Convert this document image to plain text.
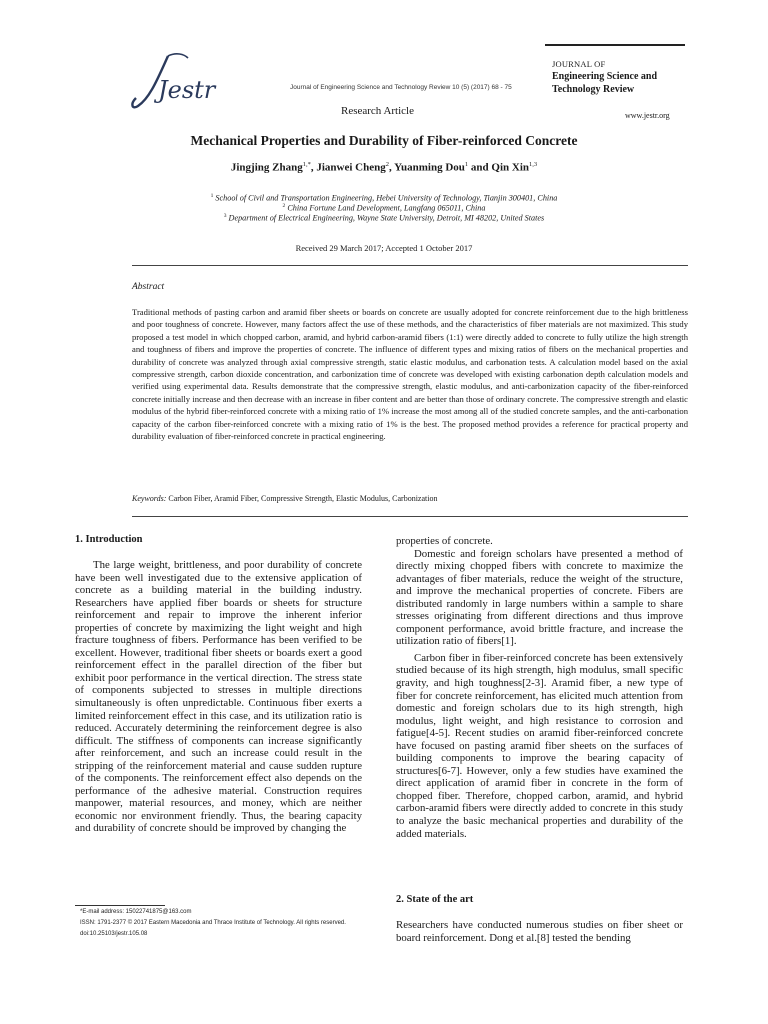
Jestr	Journal of Engineering Science and Technology Review 10 (5) (2017) 68 - 75
Research Article
JOURNAL OF
Engineering Science and
Technology Review
www.jestr.org
Mechanical Properties and Durability of Fiber-reinforced Concrete
Jingjing Zhang$^{1,*}$, Jianwei Cheng$^2$, Yuanming Dou$^1$ and Qin Xin$^{1,3}$
$^1$ School of Civil and Transportation Engineering, Hebei University of Technology, Tianjin 300401, China
$^2$ China Fortune Land Development, Langfang 065011, China
$^3$ Department of Electrical Engineering, Wayne State University, Detroit, MI 48202, United States
Received 29 March 2017; Accepted 1 October 2017
Abstract
Traditional methods of pasting carbon and aramid fiber sheets or boards on concrete are usually adopted for concrete reinforcement due to the high brittleness and poor toughness of concrete. However, many factors affect the use of these methods, and the characteristics of fiber materials are not maximized. This study proposed a test model in which chopped carbon, aramid, and hybrid carbon-aramid fibers (1:1) were directly added to concrete to fully utilize the high strength and toughness of fibers and improve the properties of concrete. The influence of different types and mixing ratios of fibers on the mechanical properties and durability of concrete was analyzed through axial compressive strength, static elastic modulus, and carbonation tests. A calculation model based on the axial compressive strength, carbon dioxide concentration, and carbonization time of concrete was developed with existing carbonation depth calculation models and verified using experimental data. Results demonstrate that the compressive strength, elastic modulus, and anti-carbonization capacity of the fiber-reinforced concrete initially increase and then decrease with an increase in fiber content and are better than those of ordinary concrete. The compressive strength and elastic modulus of the hybrid fiber-reinforced concrete with a mixing ratio of 1% increase the most among all of the studied concrete samples, and the anti-carbonation capacity of the carbon fiber-reinforced concrete with a mixing ratio of 1% is the best. The proposed method provides a reference for practical property and durability evaluation of fiber-reinforced concrete in practical engineering.
Keywords: Carbon Fiber, Aramid Fiber, Compressive Strength, Elastic Modulus, Carbonization
1. Introduction

The large weight, brittleness, and poor durability of concrete have been well investigated due to the extensive application of concrete as a building material in the building industry. Researchers have applied fiber boards or sheets for structure reinforcement and repair to improve the inherent inferior properties of concrete by maximizing the light weight and high fracture toughness of fibers. Performance has been verified to be excellent. However, traditional fiber sheets or boards exert a good reinforcement effect in the parallel direction of the fiber but exhibit poor performance in the vertical direction. The stress state of components subjected to stresses in multiple directions simultaneously is often unpredictable. Continuous fiber exerts a limited reinforcement effect in this case, and its utilization ratio is reduced. Accurately determining the reinforcement degree is also difficult. The stiffness of components can increase significantly after reinforcement, and such an increase could result in the stripping of the reinforcement material and cause sudden rupture of the components. The reinforcement effect also depends on the performance of the adhesive material. Construction requires manpower, material resources, and money, which are neither economic nor environment friendly. Thus, the bearing capacity and durability of concrete should be improved by changing the

properties of concrete.

Domestic and foreign scholars have presented a method of directly mixing chopped fibers with concrete to maximize the advantages of fiber materials, reduce the weight of the structure, and improve the mechanical properties of concrete. Fibers are distributed randomly in large numbers within a sample to share stresses originating from different directions and thus improve component performance, avoid brittle fracture, and increase the utilization ratio of fibers[1].

Carbon fiber in fiber-reinforced concrete has been extensively studied because of its high strength, high modulus, small specific gravity, and high toughness[2-3]. Aramid fiber, a new type of fiber for concrete reinforcement, has elicited much attention from domestic and foreign scholars due to its high strength, high modulus, light weight, and high resistance to corrosion and fatigue[4-5]. Recent studies on aramid fiber-reinforced concrete have focused on pasting aramid fiber sheets on the surfaces of building components to improve the bearing capacity of structures[6-7]. However, only a few studies have examined the direct application of aramid fiber in concrete in the form of chopped fiber. Therefore, chopped carbon, aramid, and hybrid carbon-aramid fibers were directly added to concrete in this study to analyze the basic mechanical properties and durability of the added materials.

2. State of the art

Researchers have conducted numerous studies on fiber sheet or board reinforcement. Dong et al.[8] tested the bending

*E-mail address: 15022741875@163.com
ISSN: 1791-2377 © 2017 Eastern Macedonia and Thrace Institute of Technology. All rights reserved.
doi:10.25103/jestr.105.08
